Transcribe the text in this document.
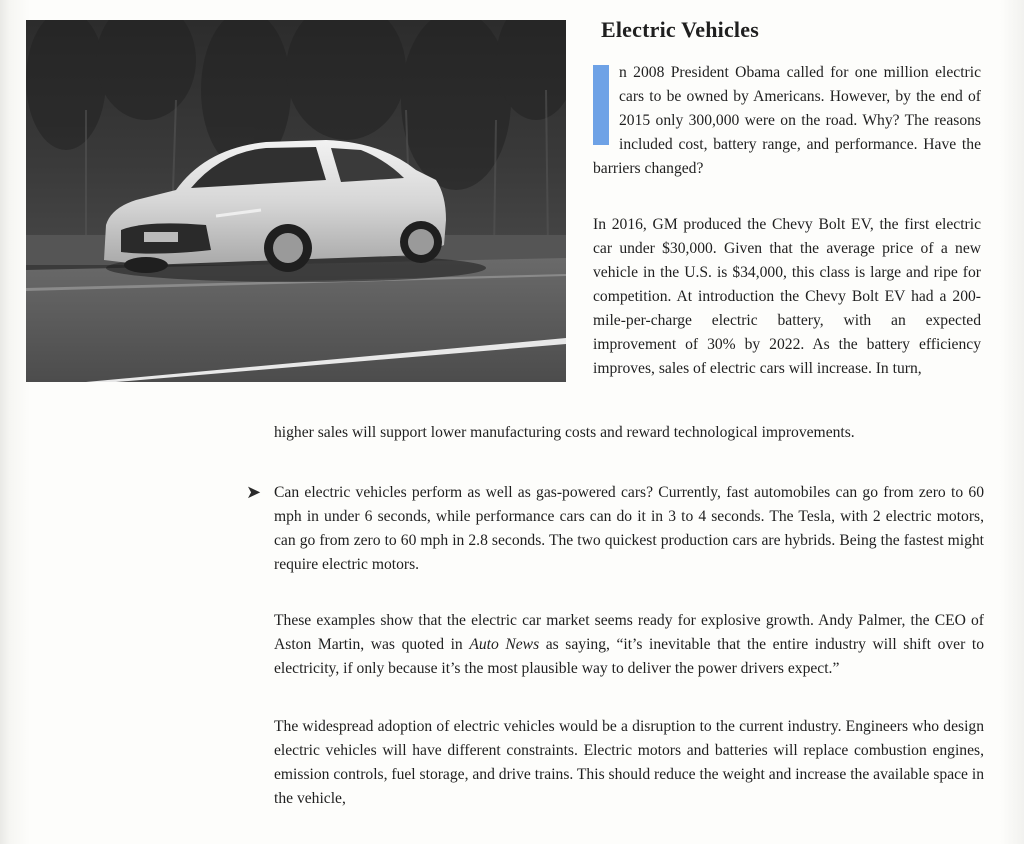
Electric Vehicles

n 2008 President Obama called for one million electric cars to be owned by Americans. However, by the end of 2015 only 300,000 were on the road. Why? The reasons included cost, battery range, and performance. Have the barriers changed?

In 2016, GM produced the Chevy Bolt EV, the first electric car under $30,000. Given that the average price of a new vehicle in the U.S. is $34,000, this class is large and ripe for competition. At introduction the Chevy Bolt EV had a 200-mile-per-charge electric battery, with an expected improvement of 30% by 2022. As the battery efficiency improves, sales of electric cars will increase. In turn,

higher sales will support lower manufacturing costs and reward technological improvements.

➤ Can electric vehicles perform as well as gas-powered cars? Currently, fast automobiles can go from zero to 60 mph in under 6 seconds, while performance cars can do it in 3 to 4 seconds. The Tesla, with 2 electric motors, can go from zero to 60 mph in 2.8 seconds. The two quickest production cars are hybrids. Being the fastest might require electric motors.

These examples show that the electric car market seems ready for explosive growth. Andy Palmer, the CEO of Aston Martin, was quoted in Auto News as saying, “it’s inevitable that the entire industry will shift over to electricity, if only because it’s the most plausible way to deliver the power drivers expect.”

The widespread adoption of electric vehicles would be a disruption to the current industry. Engineers who design electric vehicles will have different constraints. Electric motors and batteries will replace combustion engines, emission controls, fuel storage, and drive trains. This should reduce the weight and increase the available space in the vehicle,
